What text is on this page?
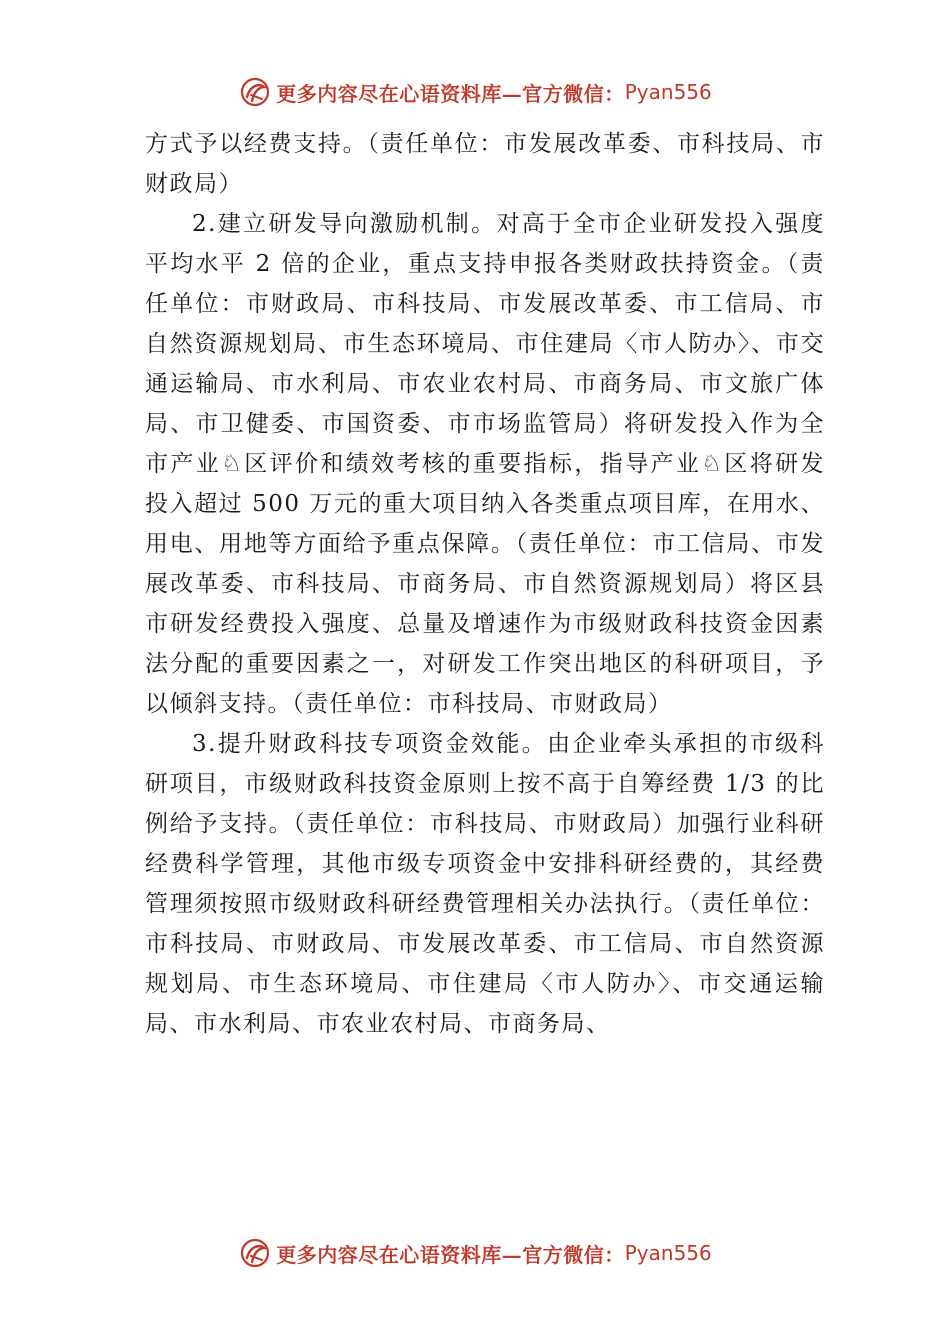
更多内容尽在心语资料库—官方微信： Pyan556

方式予以经费支持。（责任单位：市发展改革委、市科技局、市财政局）

2.建立研发导向激励机制。对高于全市企业研发投入强度平均水平 2 倍的企业，重点支持申报各类财政扶持资金。（责任单位：市财政局、市科技局、市发展改革委、市工信局、市自然资源规划局、市生态环境局、市住建局〈市人防办〉、市交通运输局、市水利局、市农业农村局、市商务局、市文旅广体局、市卫健委、市国资委、市市场监管局）将研发投入作为全市产业♘区评价和绩效考核的重要指标，指导产业♘区将研发投入超过 500 万元的重大项目纳入各类重点项目库，在用水、用电、用地等方面给予重点保障。（责任单位：市工信局、市发展改革委、市科技局、市商务局、市自然资源规划局）将区县市研发经费投入强度、总量及增速作为市级财政科技资金因素法分配的重要因素之一，对研发工作突出地区的科研项目，予以倾斜支持。（责任单位：市科技局、市财政局）

3.提升财政科技专项资金效能。由企业牵头承担的市级科研项目，市级财政科技资金原则上按不高于自筹经费 1/3 的比例给予支持。（责任单位：市科技局、市财政局）加强行业科研经费科学管理，其他市级专项资金中安排科研经费的，其经费管理须按照市级财政科研经费管理相关办法执行。（责任单位：市科技局、市财政局、市发展改革委、市工信局、市自然资源规划局、市生态环境局、市住建局〈市人防办〉、市交通运输局、市水利局、市农业农村局、市商务局、

更多内容尽在心语资料库—官方微信： Pyan556
